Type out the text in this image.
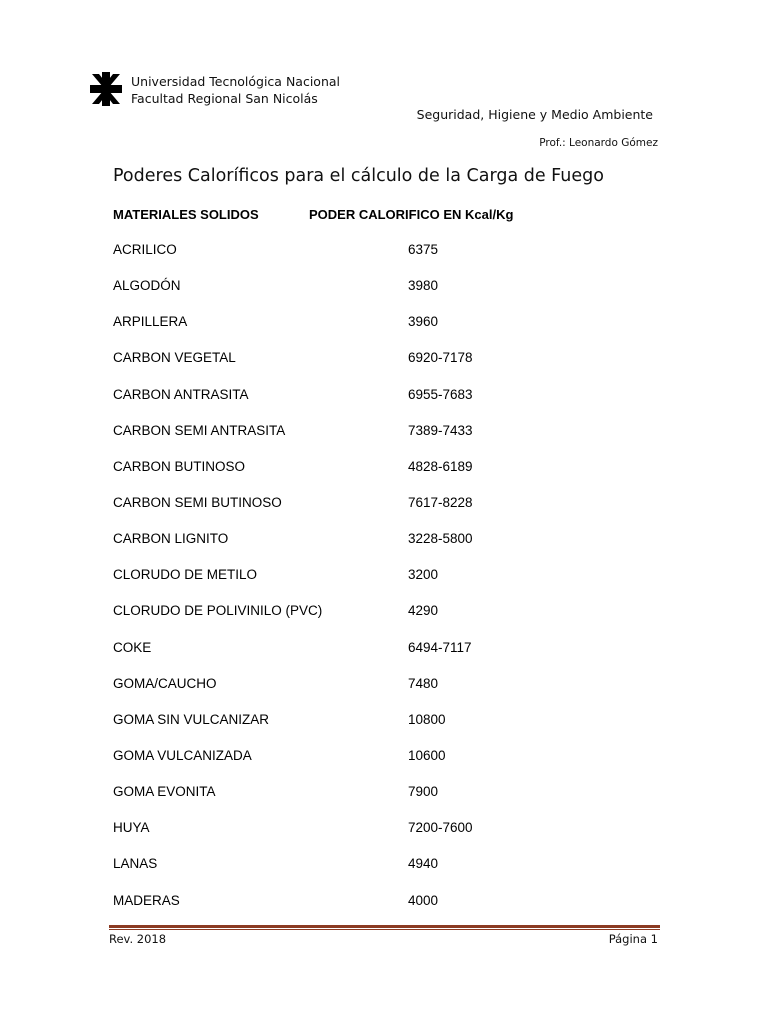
Universidad Tecnológica Nacional
Facultad Regional San Nicolás
Seguridad, Higiene y Medio Ambiente
Prof.: Leonardo Gómez
Poderes Caloríficos para el cálculo de la Carga de Fuego
MATERIALES SOLIDOS	PODER CALORIFICO EN Kcal/Kg
ACRILICO	6375
ALGODÓN	3980
ARPILLERA	3960
CARBON VEGETAL	6920-7178
CARBON ANTRASITA	6955-7683
CARBON SEMI ANTRASITA	7389-7433
CARBON BUTINOSO	4828-6189
CARBON SEMI BUTINOSO	7617-8228
CARBON LIGNITO	3228-5800
CLORUDO DE METILO	3200
CLORUDO DE POLIVINILO (PVC)	4290
COKE	6494-7117
GOMA/CAUCHO	7480
GOMA SIN VULCANIZAR	10800
GOMA VULCANIZADA	10600
GOMA EVONITA	7900
HUYA	7200-7600
LANAS	4940
MADERAS	4000
Rev. 2018	Página 1
